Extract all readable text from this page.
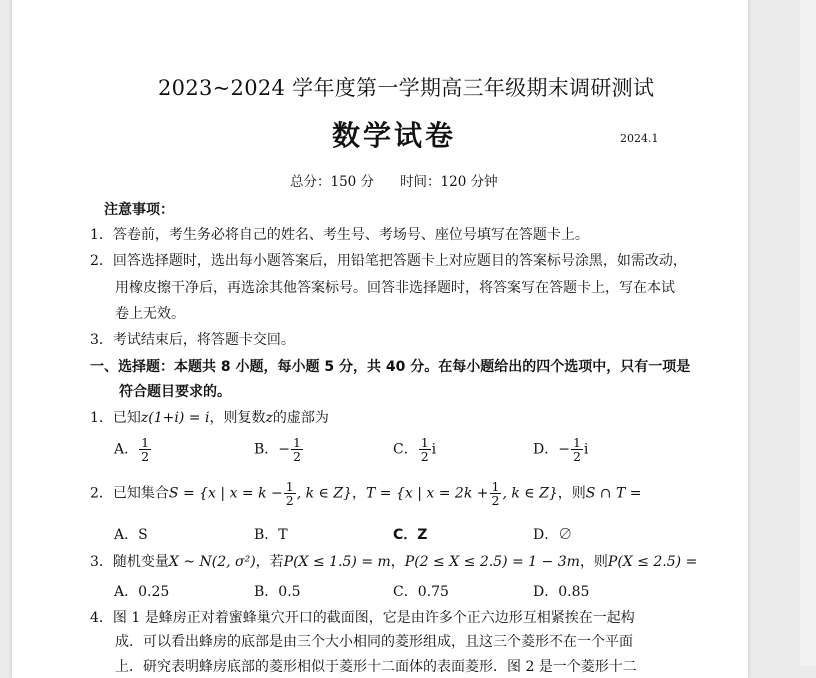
2023~2024 学年度第一学期高三年级期末调研测试
数学试卷	2024.1
总分：150 分 时间：120 分钟
注意事项：
1．答卷前，考生务必将自己的姓名、考生号、考场号、座位号填写在答题卡上。
2．回答选择题时，选出每小题答案后，用铅笔把答题卡上对应题目的答案标号涂黑，如需改动，
用橡皮擦干净后，再选涂其他答案标号。回答非选择题时，将答案写在答题卡上，写在本试
卷上无效。
3．考试结束后，将答题卡交回。
一、选择题：本题共 8 小题，每小题 5 分，共 40 分。在每小题给出的四个选项中，只有一项是
符合题目要求的。
1．已知z(1+i) = i，则复数z的虚部为
A． $\frac{1}{2}$	B．− $\frac{1}{2}$	C． $\frac{1}{2}$ i	D．− $\frac{1}{2}$ i
2．已知集合S = {x | $x = k - \frac{1}{2}$ , k ∈ Z}，T = {x | $x = 2k + \frac{1}{2}$ , k ∈ Z}，则S ∩ T =
A．S	B．T	C．Z	D．∅
3．随机变量X ~ N(2, σ²)，若P(X ≤ 1.5) = m，P(2 ≤ X ≤ 2.5) = 1 − 3m，则P(X ≤ 2.5) =
A．0.25	B．0.5	C．0.75	D．0.85
4．图 1 是蜂房正对着蜜蜂巢穴开口的截面图，它是由许多个正六边形互相紧挨在一起构
成．可以看出蜂房的底部是由三个大小相同的菱形组成，且这三个菱形不在一个平面
上．研究表明蜂房底部的菱形相似于菱形十二面体的表面菱形．图 2 是一个菱形十二
